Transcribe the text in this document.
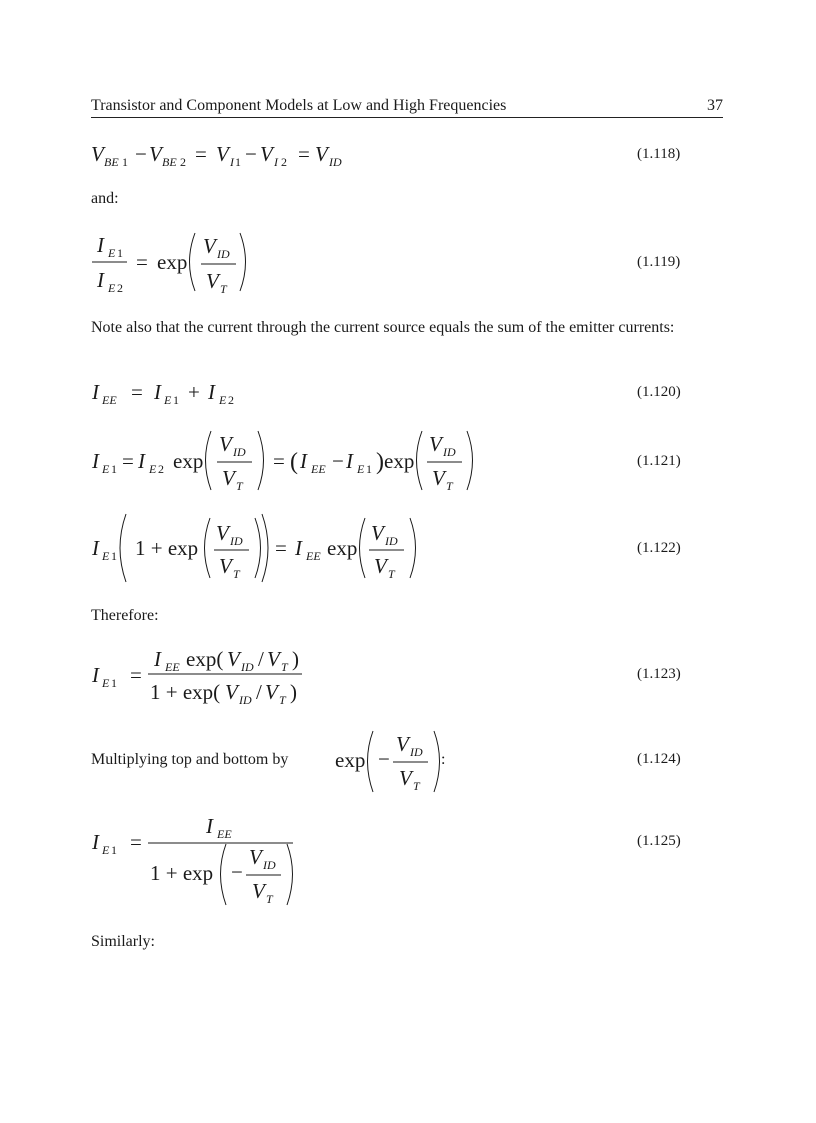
Transistor and Component Models at Low and High Frequencies	37
V BE 1 − V BE 2 = V I 1 − V I 2 = V ID
I E 1
I E 2
= exp
V ID
V T
I EE = I E 1 + I E 2
I E 1 = I E 2 exp
V ID
V T
= ( I EE − I E 1 ) exp
V ID
V T
I E 1 1 + exp
V ID
V T
= I EE exp
V ID
V T
I E 1 =
I EE exp( V ID / V T )
1 + exp( V ID / V T )
exp −
V ID
V T
I E 1 =
I EE
1 + exp −
V ID
V T
(1.118)
(1.119)
(1.120)
(1.121)
(1.122)
(1.123)
(1.124)
(1.125)
and:
Note also that the current through the current source equals the sum of the emitter currents:
Therefore:
Multiplying top and bottom by	:
Similarly:
